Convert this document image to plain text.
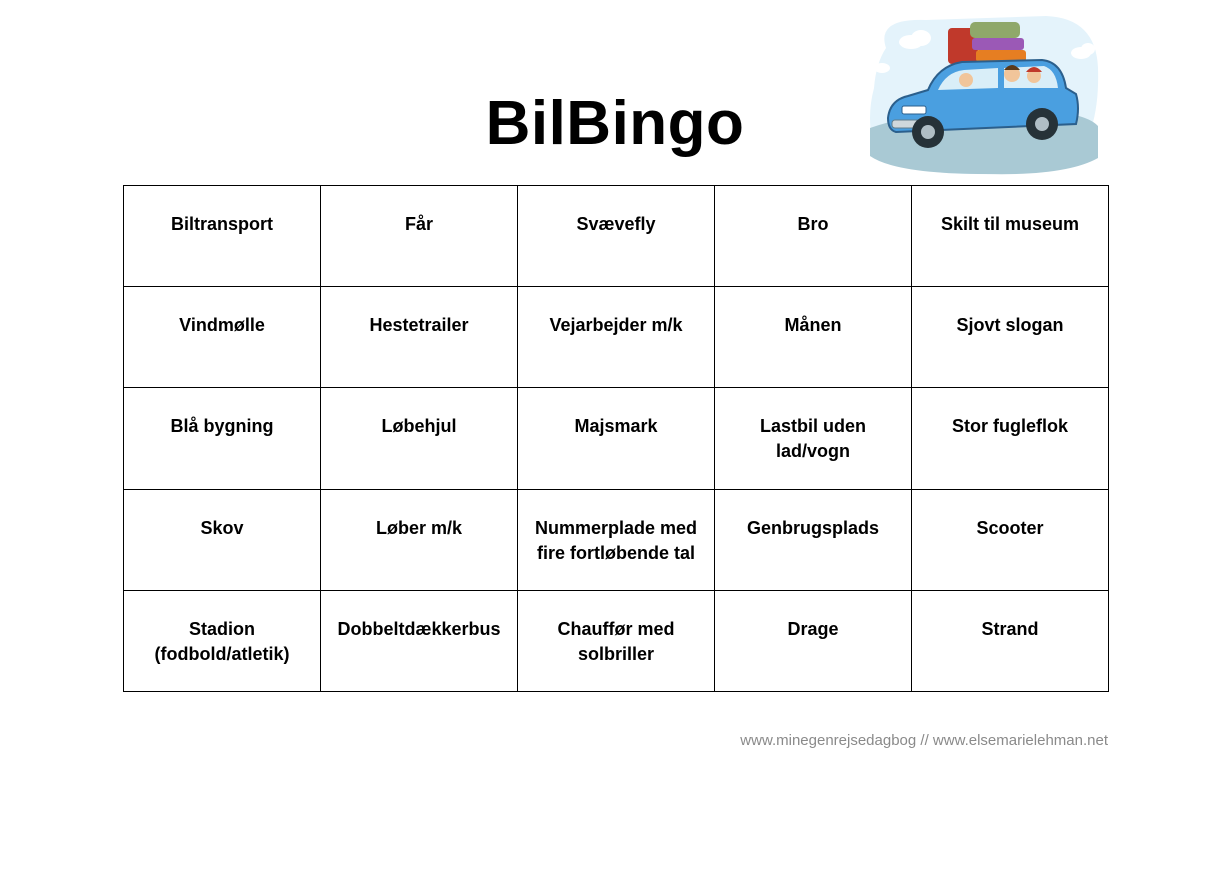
BilBingo
Biltransport	Får	Svævefly	Bro	Skilt til museum
Vindmølle	Hestetrailer	Vejarbejder m/k	Månen	Sjovt slogan
Blå bygning	Løbehjul	Majsmark	Lastbil uden lad/vogn	Stor fugleflok
Skov	Løber m/k	Nummerplade med fire fortløbende tal	Genbrugsplads	Scooter
Stadion (fodbold/atletik)	Dobbeltdækkerbus	Chauffør med solbriller	Drage	Strand
www.minegenrejsedagbog // www.elsemarielehman.net
